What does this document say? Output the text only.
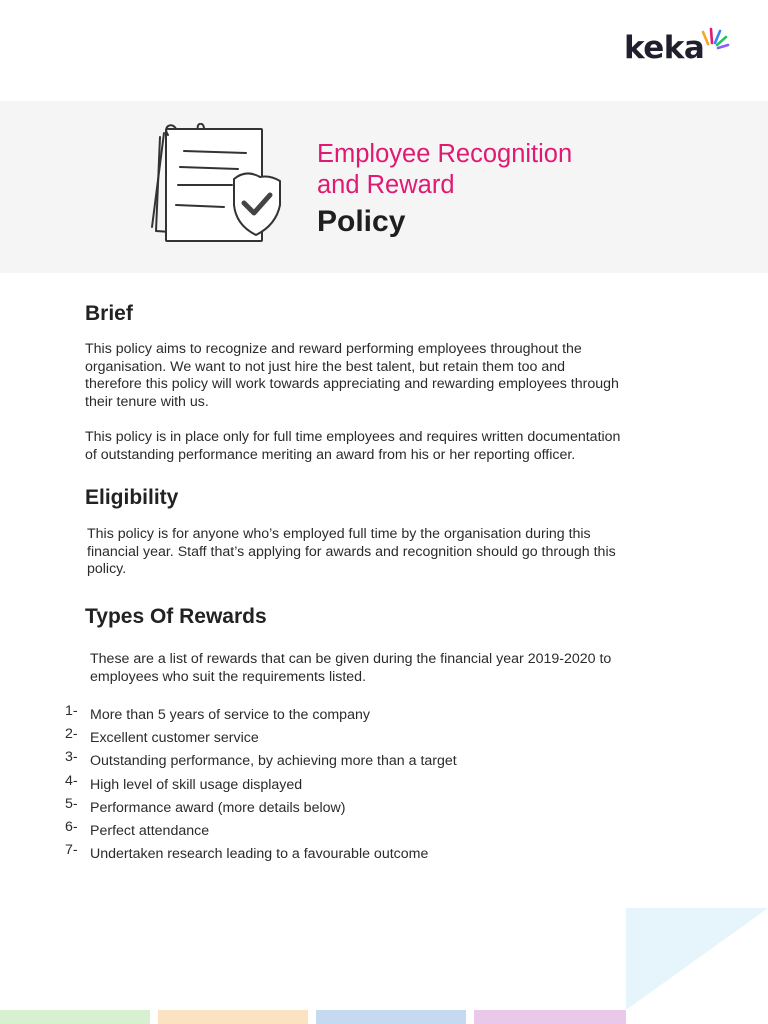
keka
Employee Recognition
and Reward
Policy
Brief
This policy aims to recognize and reward performing employees throughout the
organisation. We want to not just hire the best talent, but retain them too and
therefore this policy will work towards appreciating and rewarding employees through
their tenure with us.
This policy is in place only for full time employees and requires written documentation
of outstanding performance meriting an award from his or her reporting officer.
Eligibility
This policy is for anyone who’s employed full time by the organisation during this
financial year. Staff that’s applying for awards and recognition should go through this
policy.
Types Of Rewards
These are a list of rewards that can be given during the financial year 2019-2020 to
employees who suit the requirements listed.
1- More than 5 years of service to the company
2- Excellent customer service
3- Outstanding performance, by achieving more than a target
4- High level of skill usage displayed
5- Performance award (more details below)
6- Perfect attendance
7- Undertaken research leading to a favourable outcome
